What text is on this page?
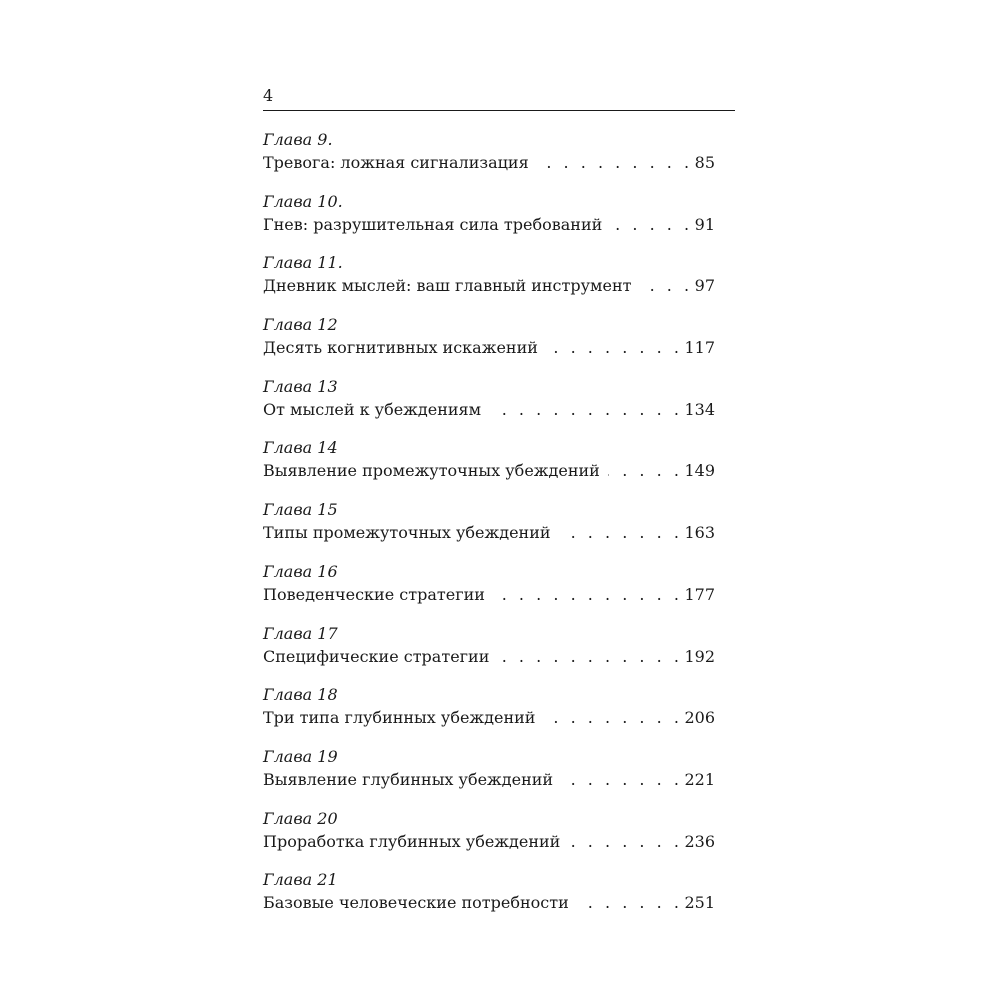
4
Глава 9.
Тревога: ложная сигнализация . . .	85
Глава 10.
Гнев: разрушительная сила требований . . .	91
Глава 11.
Дневник мыслей: ваш главный инструмент . . .	97
Глава 12
Десять когнитивных искажений . . .	117
Глава 13
От мыслей к убеждениям . . .	134
Глава 14
Выявление промежуточных убеждений . . .	149
Глава 15
Типы промежуточных убеждений . . .	163
Глава 16
Поведенческие стратегии . . .	177
Глава 17
Специфические стратегии . . .	192
Глава 18
Три типа глубинных убеждений . . .	206
Глава 19
Выявление глубинных убеждений . . .	221
Глава 20
Проработка глубинных убеждений . . .	236
Глава 21
Базовые человеческие потребности . . .	251
